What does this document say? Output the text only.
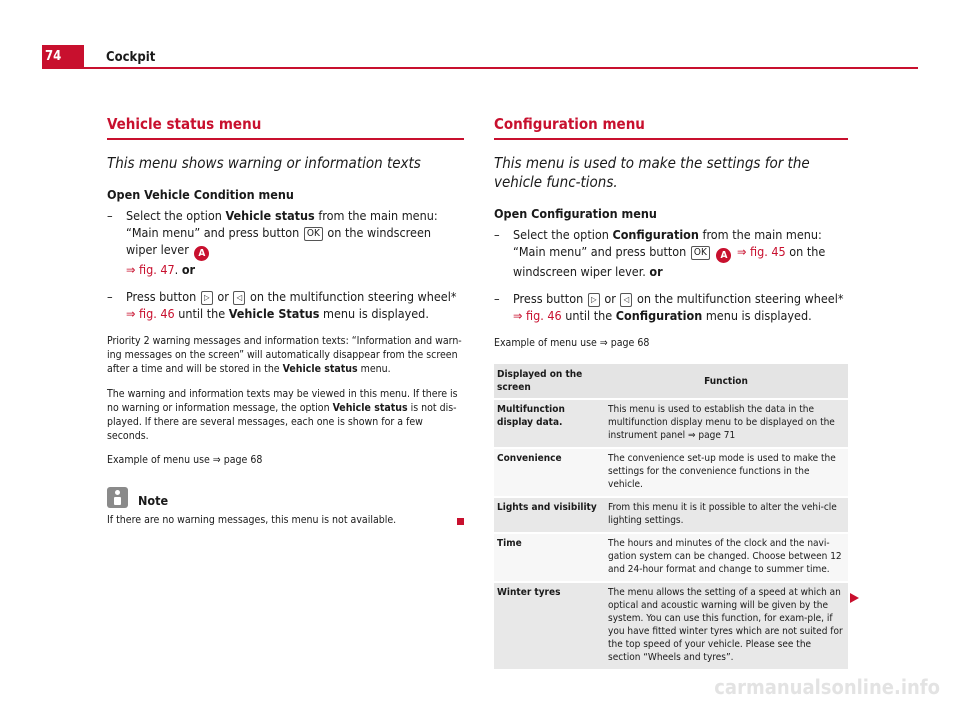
74	Cockpit
Vehicle status menu

This menu shows warning or information texts

Open Vehicle Condition menu

– Select the option Vehicle status from the main menu: “Main menu” and press button OK on the windscreen wiper lever A
⇒ fig. 47. or
– Press button ▷ or ◁ on the multifunction steering wheel*
⇒ fig. 46 until the Vehicle Status menu is displayed.

Priority 2 warning messages and information texts: “Information and warn-ing messages on the screen” will automatically disappear from the screen after a time and will be stored in the Vehicle status menu.

The warning and information texts may be viewed in this menu. If there is no warning or information message, the option Vehicle status is not dis-played. If there are several messages, each one is shown for a few seconds.

Example of menu use ⇒ page 68

Note
If there are no warning messages, this menu is not available.
Configuration menu

This menu is used to make the settings for the vehicle func-tions.

Open Configuration menu

– Select the option Configuration from the main menu: “Main menu” and press button OK A ⇒ fig. 45 on the windscreen wiper lever. or
– Press button ▷ or ◁ on the multifunction steering wheel*
⇒ fig. 46 until the Configuration menu is displayed.

Example of menu use ⇒ page 68

Displayed on the screen	Function
Multifunction display data.	This menu is used to establish the data in the multifunction display menu to be displayed on the instrument panel ⇒ page 71
Convenience	The convenience set-up mode is used to make the settings for the convenience functions in the vehicle.
Lights and visibility	From this menu it is it possible to alter the vehi-cle lighting settings.
Time	The hours and minutes of the clock and the navi-gation system can be changed. Choose between 12 and 24-hour format and change to summer time.
Winter tyres	The menu allows the setting of a speed at which an optical and acoustic warning will be given by the system. You can use this function, for exam-ple, if you have fitted winter tyres which are not suited for the top speed of your vehicle. Please see the section “Wheels and tyres”.
carmanualsonline.info
